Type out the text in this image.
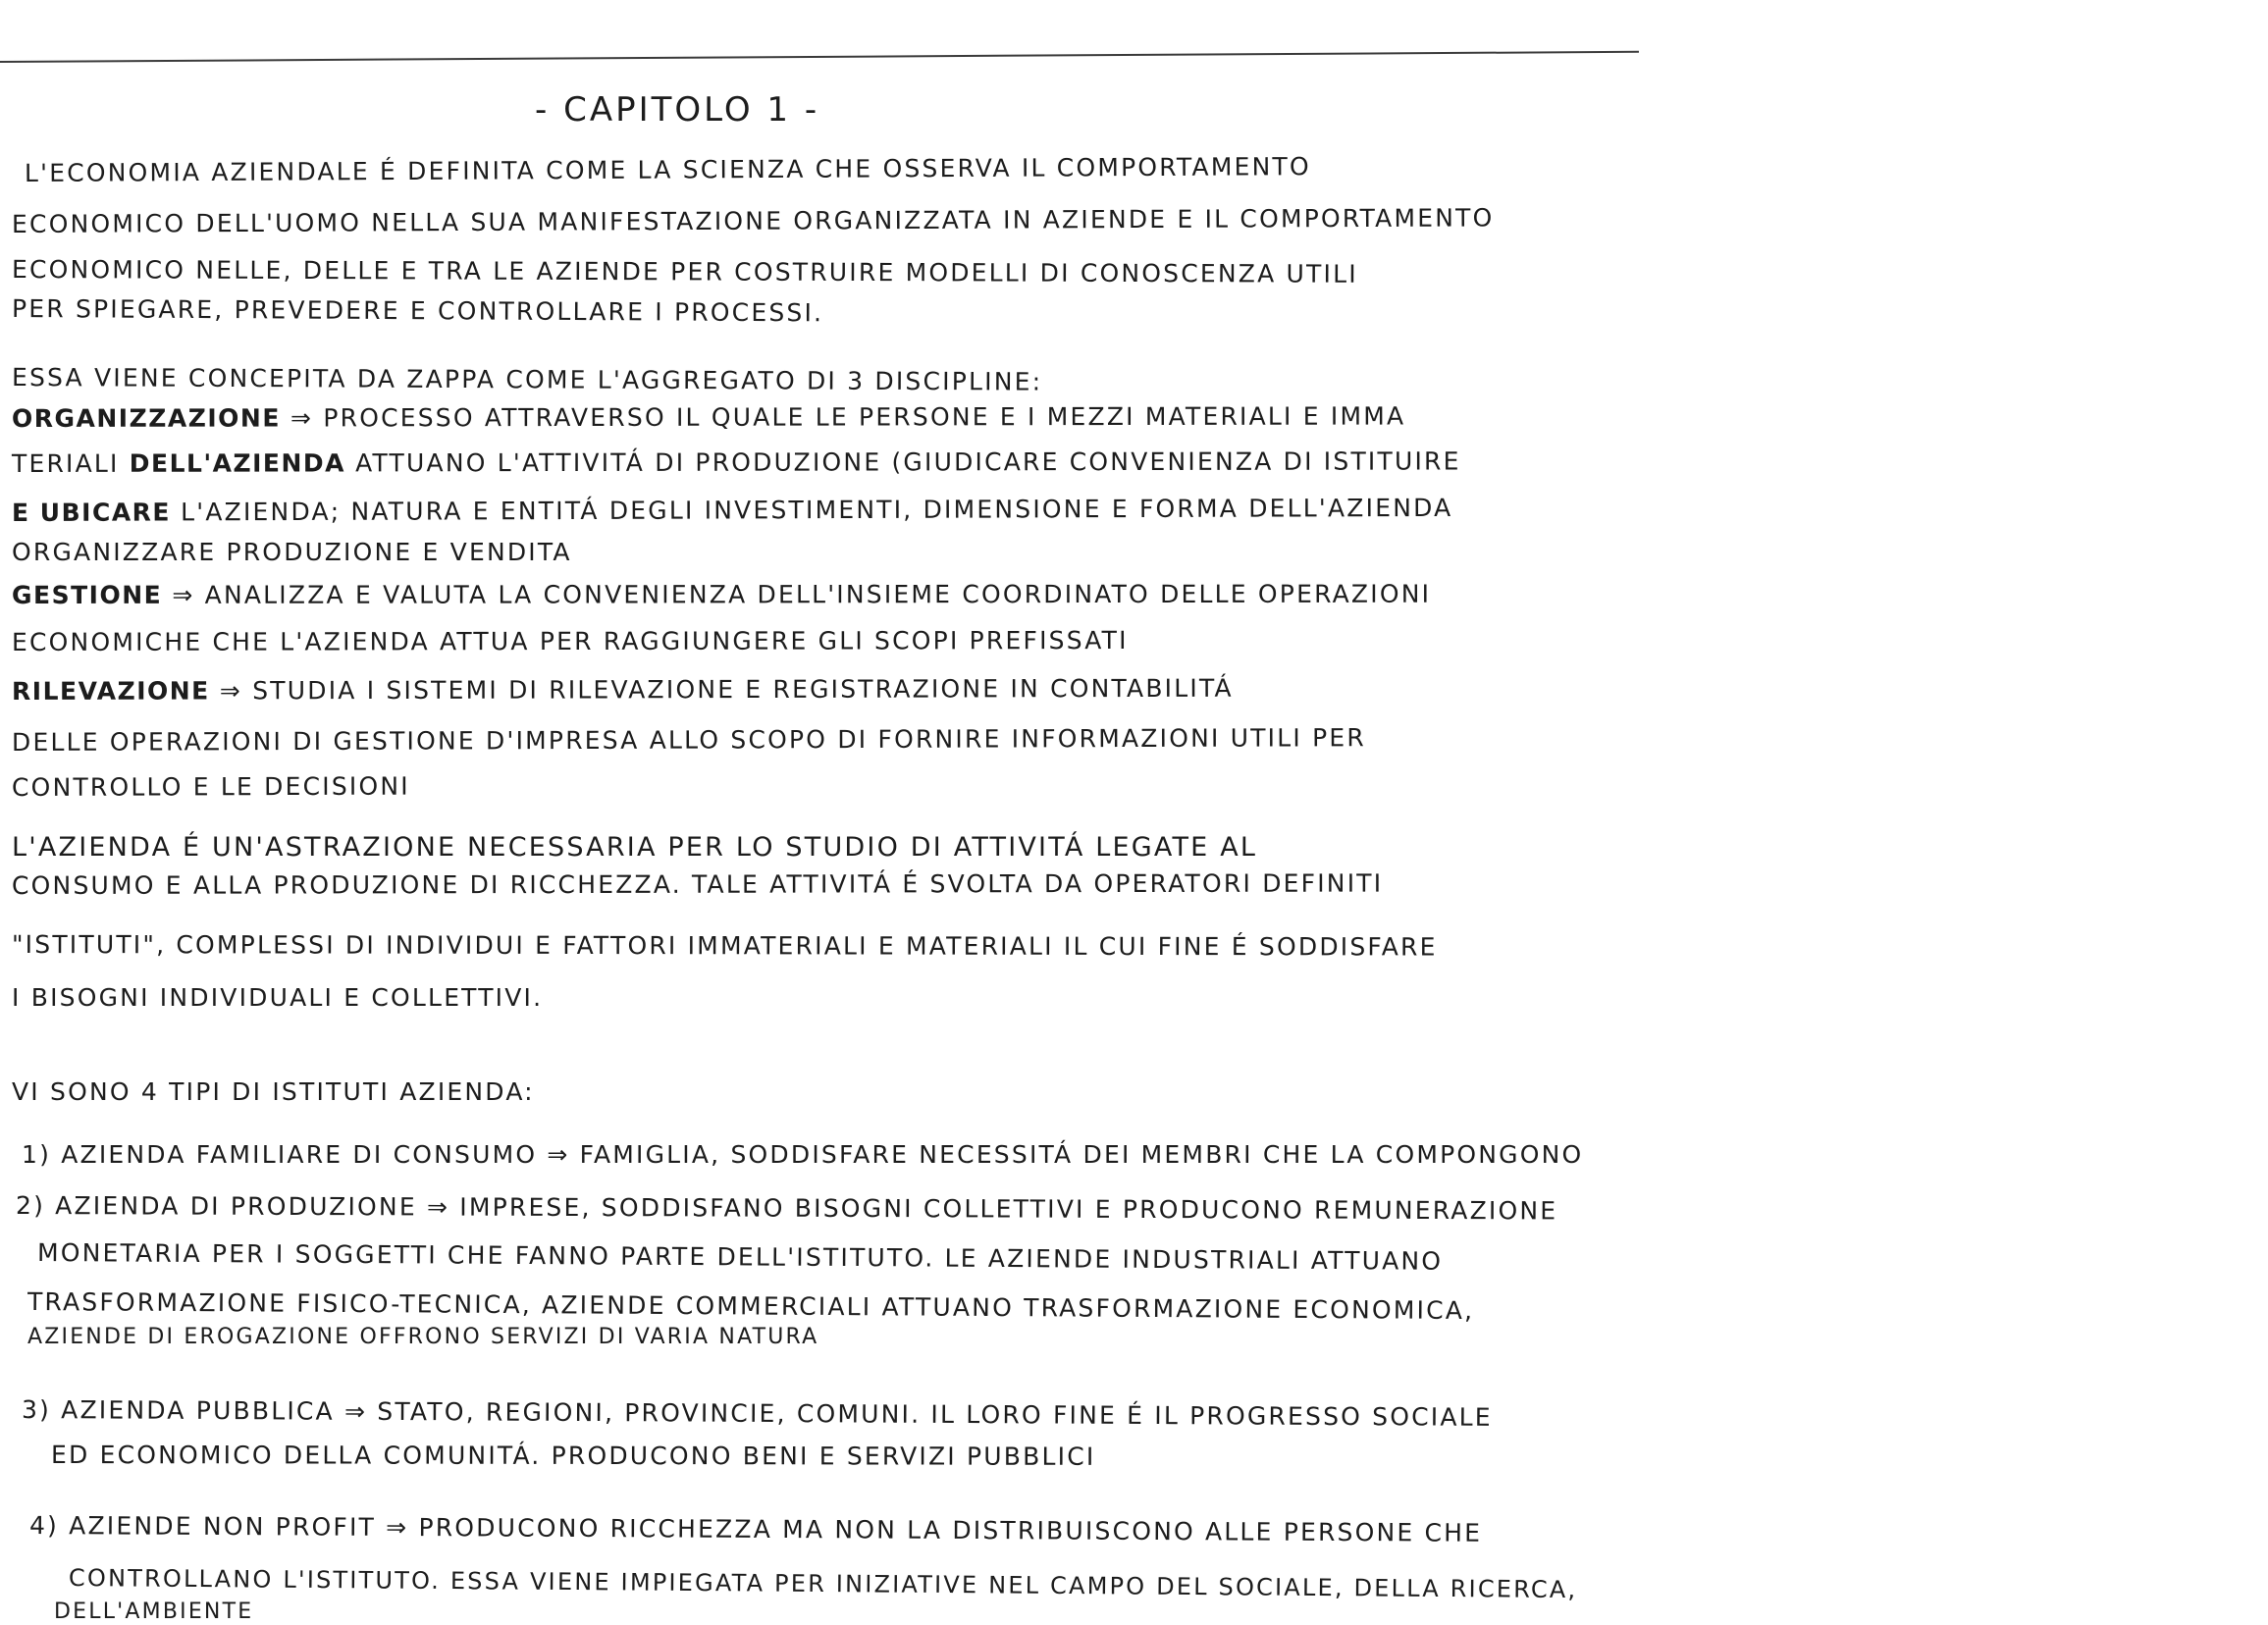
- CAPITOLO 1 -
L'ECONOMIA AZIENDALE É DEFINITA COME LA SCIENZA CHE OSSERVA IL COMPORTAMENTO
ECONOMICO DELL'UOMO NELLA SUA MANIFESTAZIONE ORGANIZZATA IN AZIENDE E IL COMPORTAMENTO
ECONOMICO NELLE, DELLE E TRA LE AZIENDE PER COSTRUIRE MODELLI DI CONOSCENZA UTILI
PER SPIEGARE, PREVEDERE E CONTROLLARE I PROCESSI.
ESSA VIENE CONCEPITA DA ZAPPA COME L'AGGREGATO DI 3 DISCIPLINE:
ORGANIZZAZIONE ⇒ PROCESSO ATTRAVERSO IL QUALE LE PERSONE E I MEZZI MATERIALI E IMMA
TERIALI DELL'AZIENDA ATTUANO L'ATTIVITÁ DI PRODUZIONE (GIUDICARE CONVENIENZA DI ISTITUIRE
E UBICARE L'AZIENDA; NATURA E ENTITÁ DEGLI INVESTIMENTI, DIMENSIONE E FORMA DELL'AZIENDA
ORGANIZZARE PRODUZIONE E VENDITA
GESTIONE ⇒ ANALIZZA E VALUTA LA CONVENIENZA DELL'INSIEME COORDINATO DELLE OPERAZIONI
ECONOMICHE CHE L'AZIENDA ATTUA PER RAGGIUNGERE GLI SCOPI PREFISSATI
RILEVAZIONE ⇒ STUDIA I SISTEMI DI RILEVAZIONE E REGISTRAZIONE IN CONTABILITÁ
DELLE OPERAZIONI DI GESTIONE D'IMPRESA ALLO SCOPO DI FORNIRE INFORMAZIONI UTILI PER
CONTROLLO E LE DECISIONI
L'AZIENDA É UN'ASTRAZIONE NECESSARIA PER LO STUDIO DI ATTIVITÁ LEGATE AL
CONSUMO E ALLA PRODUZIONE DI RICCHEZZA. TALE ATTIVITÁ É SVOLTA DA OPERATORI DEFINITI
"ISTITUTI", COMPLESSI DI INDIVIDUI E FATTORI IMMATERIALI E MATERIALI IL CUI FINE É SODDISFARE
I BISOGNI INDIVIDUALI E COLLETTIVI.
VI SONO 4 TIPI DI ISTITUTI AZIENDA:
1) AZIENDA FAMILIARE DI CONSUMO ⇒ FAMIGLIA, SODDISFARE NECESSITÁ DEI MEMBRI CHE LA COMPONGONO
2) AZIENDA DI PRODUZIONE ⇒ IMPRESE, SODDISFANO BISOGNI COLLETTIVI E PRODUCONO REMUNERAZIONE
MONETARIA PER I SOGGETTI CHE FANNO PARTE DELL'ISTITUTO. LE AZIENDE INDUSTRIALI ATTUANO
TRASFORMAZIONE FISICO-TECNICA, AZIENDE COMMERCIALI ATTUANO TRASFORMAZIONE ECONOMICA,
AZIENDE DI EROGAZIONE OFFRONO SERVIZI DI VARIA NATURA
3) AZIENDA PUBBLICA ⇒ STATO, REGIONI, PROVINCIE, COMUNI. IL LORO FINE É IL PROGRESSO SOCIALE
ED ECONOMICO DELLA COMUNITÁ. PRODUCONO BENI E SERVIZI PUBBLICI
4) AZIENDE NON PROFIT ⇒ PRODUCONO RICCHEZZA MA NON LA DISTRIBUISCONO ALLE PERSONE CHE
CONTROLLANO L'ISTITUTO. ESSA VIENE IMPIEGATA PER INIZIATIVE NEL CAMPO DEL SOCIALE, DELLA RICERCA,
DELL'AMBIENTE
